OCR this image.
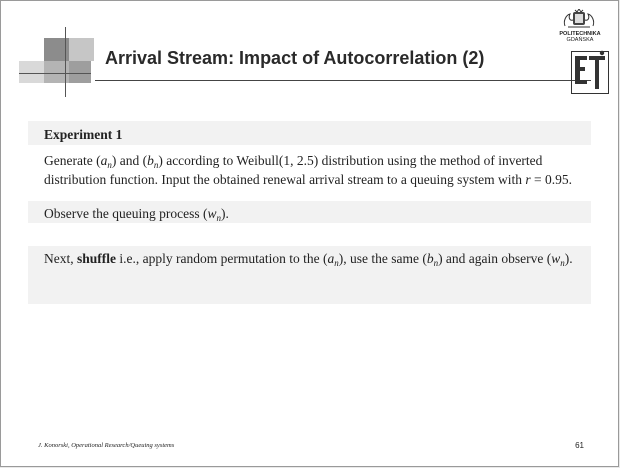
Arrival Stream: Impact of Autocorrelation (2)
POLITECHNIKA
GDAŃSKA
Experiment 1
Generate $(a_n)$ and $(b_n)$ according to Weibull(1, 2.5) distribution using the method of inverted distribution function. Input the obtained renewal arrival stream to a queuing system with r = 0.95.
Observe the queuing process $(w_n)$.
Next, shuffle i.e., apply random permutation to the $(a_n)$, use the same $(b_n)$ and again observe $(w_n)$.
J. Konorski, Operational Research/Queuing systems	61
